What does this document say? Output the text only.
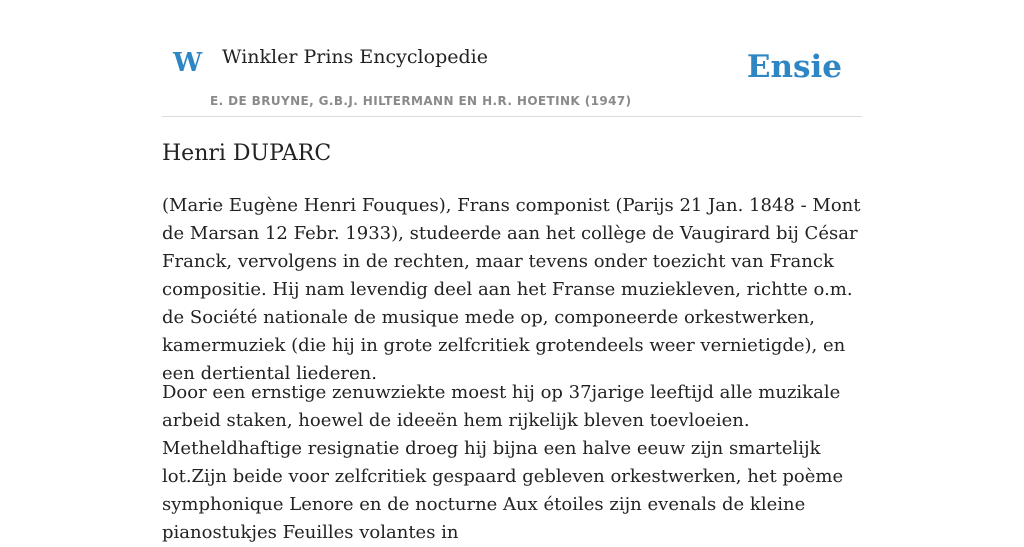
W Winkler Prins Encyclopedie
E. DE BRUYNE, G.B.J. HILTERMANN EN H.R. HOETINK (1947)
Ensie
Henri DUPARC

(Marie Eugène Henri Fouques), Frans componist (Parijs 21 Jan. 1848 - Mont de Marsan 12 Febr. 1933), studeerde aan het collège de Vaugirard bij César Franck, vervolgens in de rechten, maar tevens onder toezicht van Franck compositie. Hij nam levendig deel aan het Franse muziekleven, richtte o.m. de Société nationale de musique mede op, componeerde orkestwerken, kamermuziek (die hij in grote zelfcritiek grotendeels weer vernietigde), en een dertiental liederen.

Door een ernstige zenuwziekte moest hij op 37jarige leeftijd alle muzikale arbeid staken, hoewel de ideeën hem rijkelijk bleven toevloeien. Metheldhaftige resignatie droeg hij bijna een halve eeuw zijn smartelijk lot.Zijn beide voor zelfcritiek gespaard gebleven orkestwerken, het poème symphonique Lenore en de nocturne Aux étoiles zijn evenals de kleine pianostukjes Feuilles volantes in
